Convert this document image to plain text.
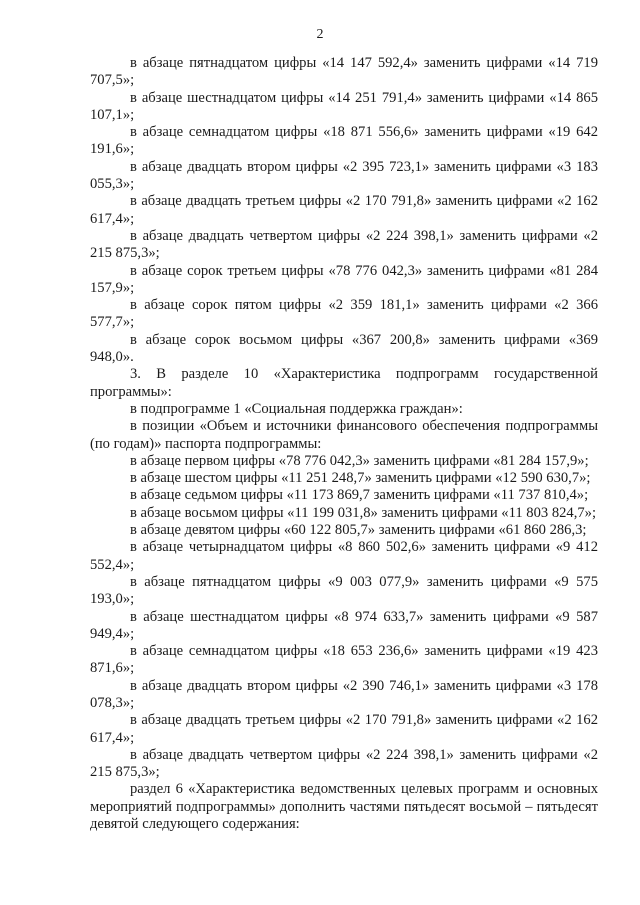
2

в абзаце пятнадцатом цифры «14 147 592,4» заменить цифрами «14 719 707,5»;

в абзаце шестнадцатом цифры «14 251 791,4» заменить цифрами «14 865 107,1»;

в абзаце семнадцатом цифры «18 871 556,6» заменить цифрами «19 642 191,6»;

в абзаце двадцать втором цифры «2 395 723,1» заменить цифрами «3 183 055,3»;

в абзаце двадцать третьем цифры «2 170 791,8» заменить цифрами «2 162 617,4»;

в абзаце двадцать четвертом цифры «2 224 398,1» заменить цифрами «2 215 875,3»;

в абзаце сорок третьем цифры «78 776 042,3» заменить цифрами «81 284 157,9»;

в абзаце сорок пятом цифры «2 359 181,1» заменить цифрами «2 366 577,7»;

в абзаце сорок восьмом цифры «367 200,8» заменить цифрами «369 948,0».

3. В разделе 10 «Характеристика подпрограмм государственной программы»:

в подпрограмме 1 «Социальная поддержка граждан»:

в позиции «Объем и источники финансового обеспечения подпрограммы (по годам)» паспорта подпрограммы:

в абзаце первом цифры «78 776 042,3» заменить цифрами «81 284 157,9»;

в абзаце шестом цифры «11 251 248,7» заменить цифрами «12 590 630,7»;

в абзаце седьмом цифры «11 173 869,7 заменить цифрами «11 737 810,4»;

в абзаце восьмом цифры «11 199 031,8» заменить цифрами «11 803 824,7»;

в абзаце девятом цифры «60 122 805,7» заменить цифрами «61 860 286,3;

в абзаце четырнадцатом цифры «8 860 502,6» заменить цифрами «9 412 552,4»;

в абзаце пятнадцатом цифры «9 003 077,9» заменить цифрами «9 575 193,0»;

в абзаце шестнадцатом цифры «8 974 633,7» заменить цифрами «9 587 949,4»;

в абзаце семнадцатом цифры «18 653 236,6» заменить цифрами «19 423 871,6»;

в абзаце двадцать втором цифры «2 390 746,1» заменить цифрами «3 178 078,3»;

в абзаце двадцать третьем цифры «2 170 791,8» заменить цифрами «2 162 617,4»;

в абзаце двадцать четвертом цифры «2 224 398,1» заменить цифрами «2 215 875,3»;

раздел 6 «Характеристика ведомственных целевых программ и основных мероприятий подпрограммы» дополнить частями пятьдесят восьмой – пятьдесят девятой следующего содержания:
